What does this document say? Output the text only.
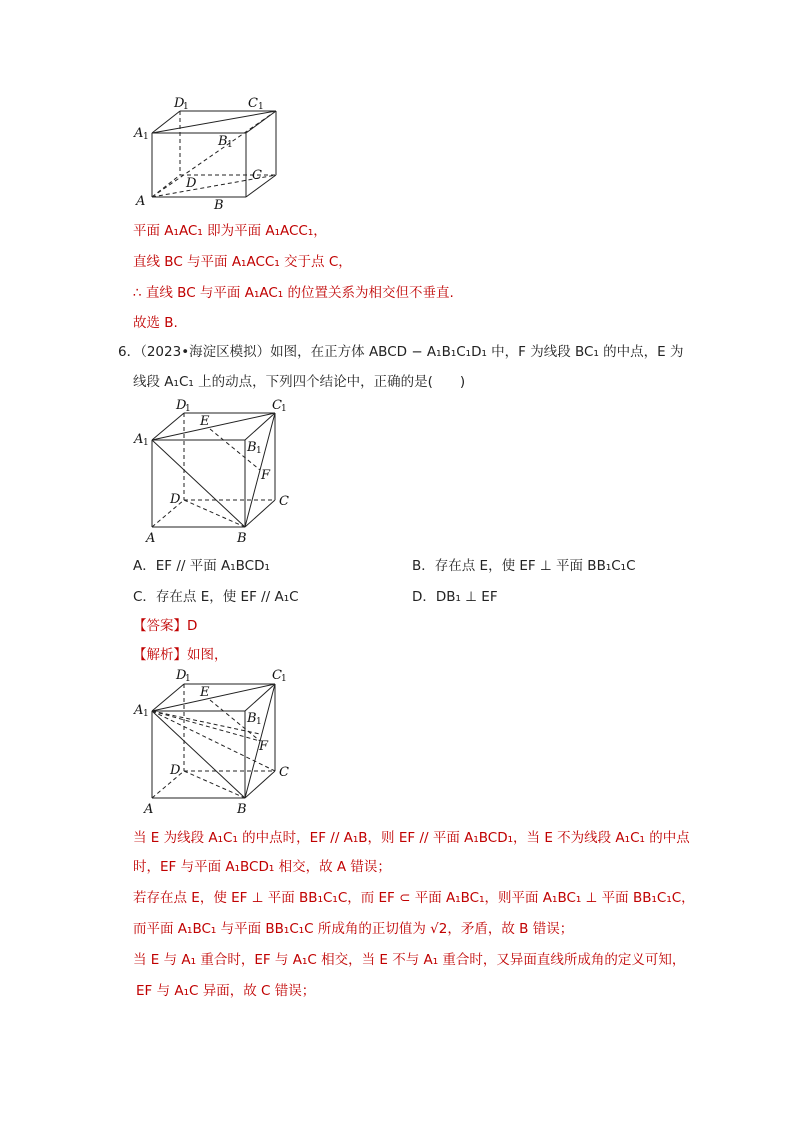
D
1	C 1
A 1	B 1
D
C
A	B
平面 A₁AC₁ 即为平面 A₁ACC₁，
直线 BC 与平面 A₁ACC₁ 交于点 C，
∴ 直线 BC 与平面 A₁AC₁ 的位置关系为相交但不垂直.
故选 B.
6．（2023•海淀区模拟）如图，在正方体 ABCD − A₁B₁C₁D₁ 中，F 为线段 BC₁ 的中点，E 为
线段 A₁C₁ 上的动点，下列四个结论中，正确的是(　　)
D
1	C 1
A 1
E
B 1
F
D	C
A	B
A．EF // 平面 A₁BCD₁	B．存在点 E，使 EF ⊥ 平面 BB₁C₁C
C．存在点 E，使 EF // A₁C	D．DB₁ ⊥ EF
【答案】D
【解析】如图，
D
1	C 1
A 1
E
B 1
F
D	C
A	B
当 E 为线段 A₁C₁ 的中点时，EF // A₁B，则 EF // 平面 A₁BCD₁，当 E 不为线段 A₁C₁ 的中点
时，EF 与平面 A₁BCD₁ 相交，故 A 错误；
若存在点 E，使 EF ⊥ 平面 BB₁C₁C，而 EF ⊂ 平面 A₁BC₁，则平面 A₁BC₁ ⊥ 平面 BB₁C₁C，
而平面 A₁BC₁ 与平面 BB₁C₁C 所成角的正切值为 √2，矛盾，故 B 错误；
当 E 与 A₁ 重合时，EF 与 A₁C 相交，当 E 不与 A₁ 重合时，又异面直线所成角的定义可知，
EF 与 A₁C 异面，故 C 错误；
